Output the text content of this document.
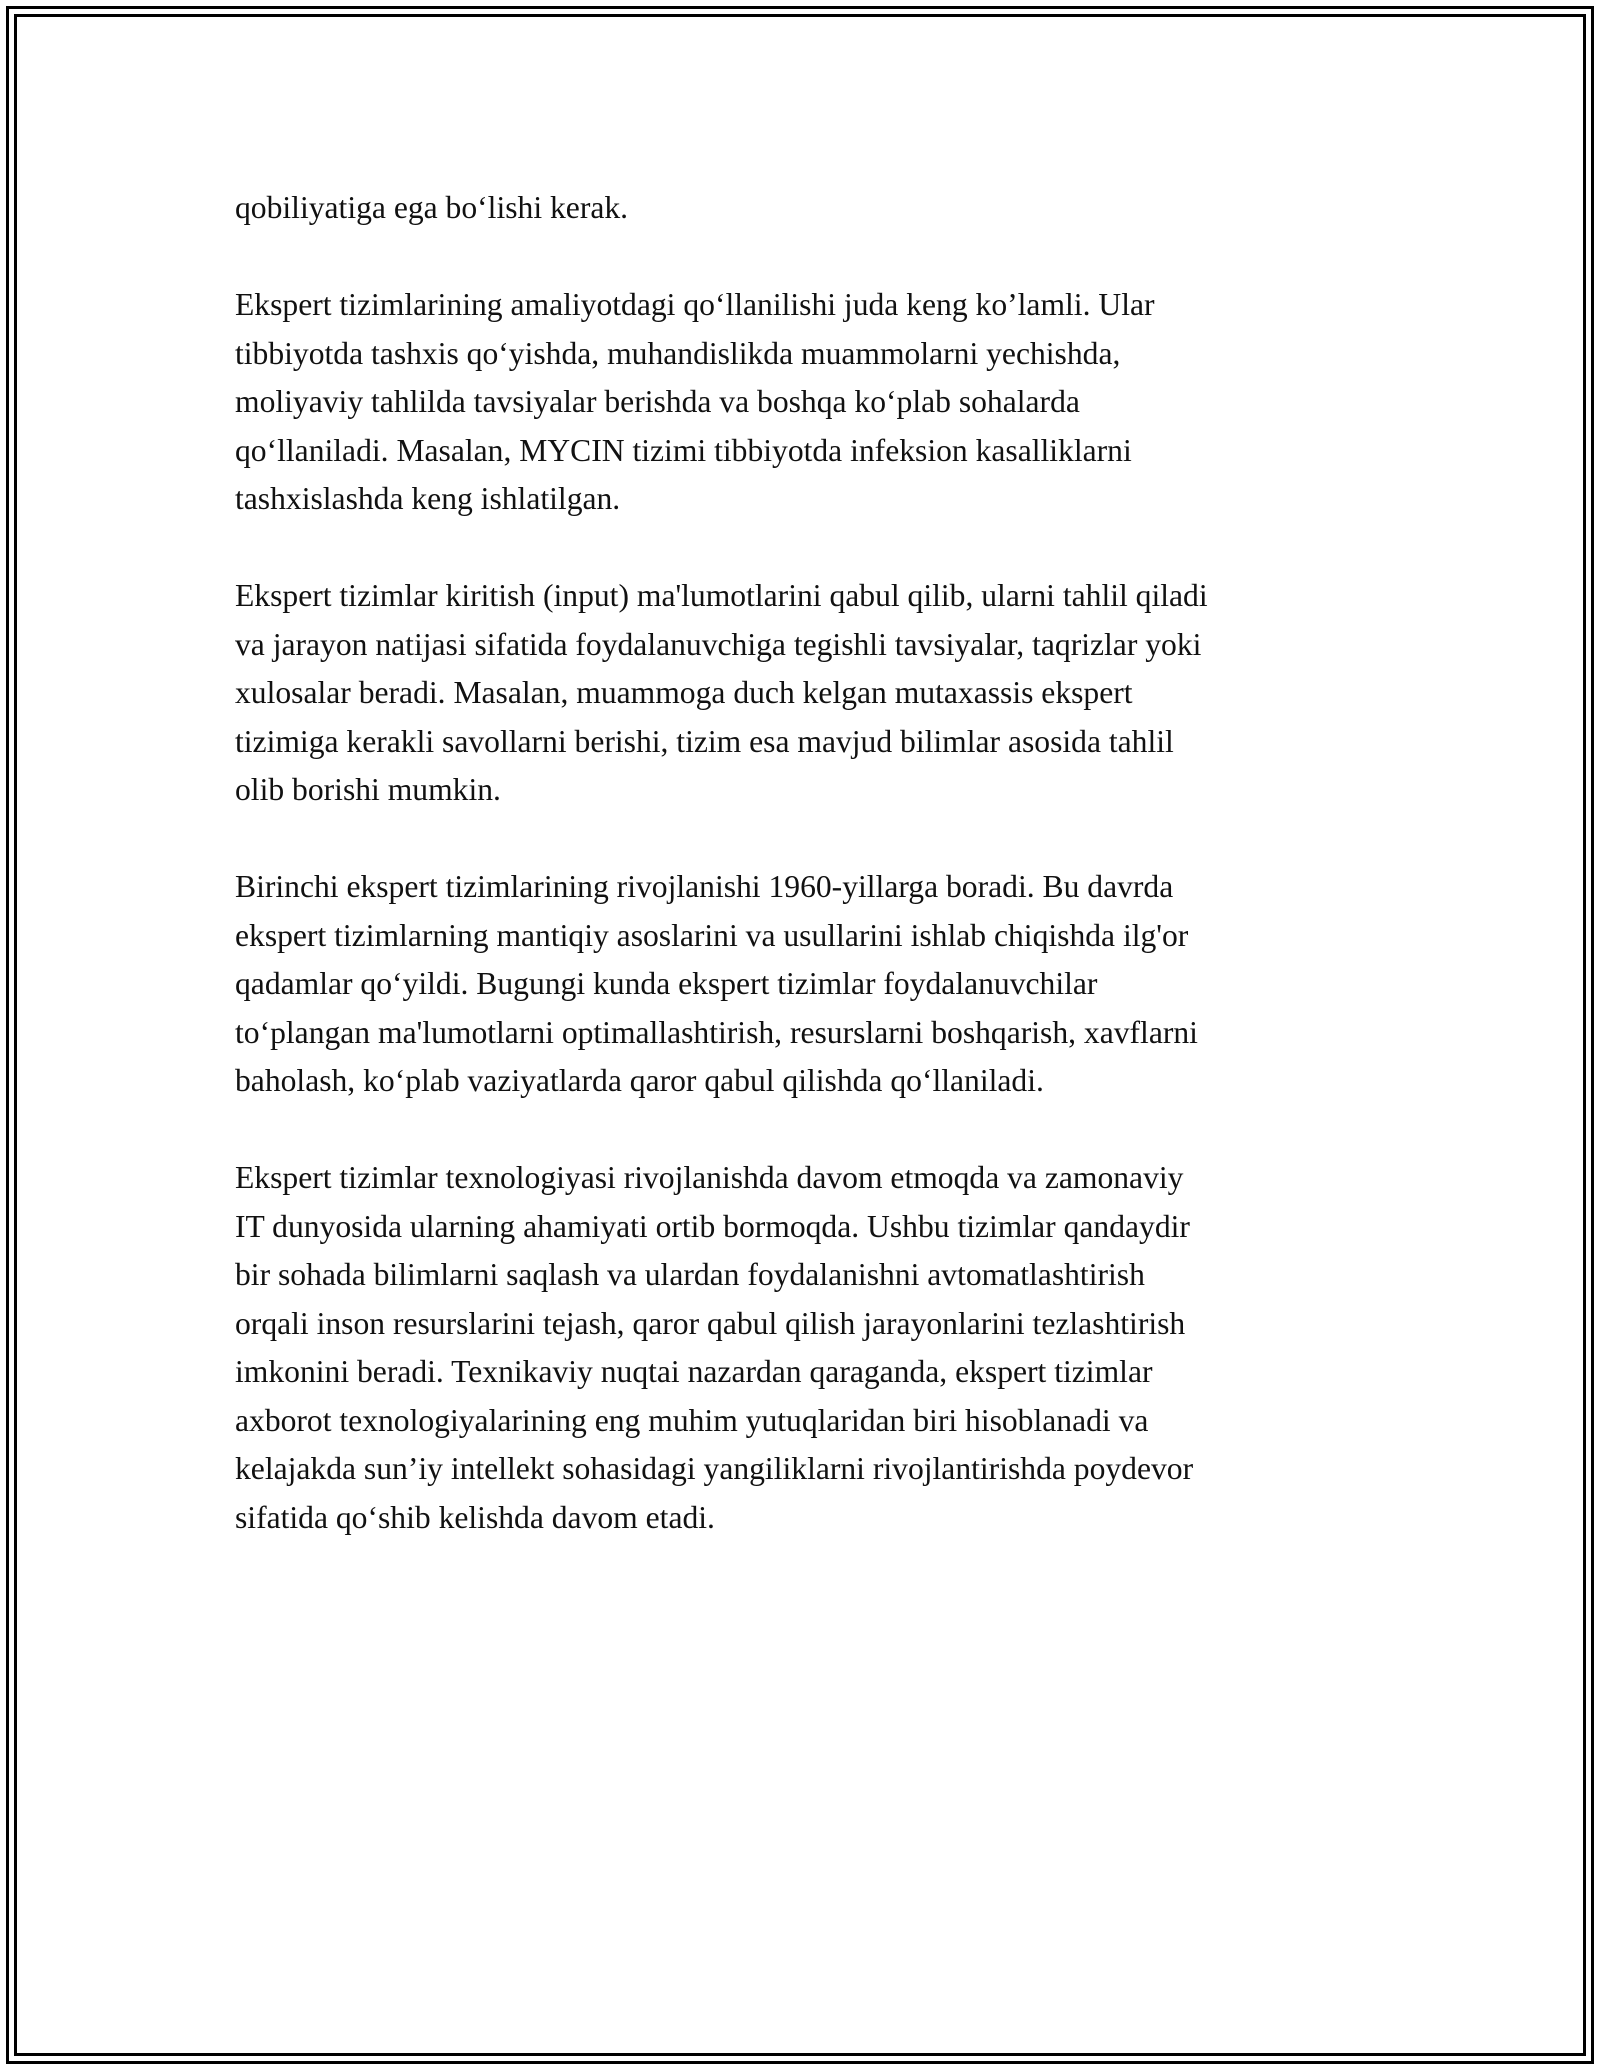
qobiliyatiga ega bo‘lishi kerak.

Ekspert tizimlarining amaliyotdagi qo‘llanilishi juda keng ko’lamli. Ular
tibbiyotda tashxis qo‘yishda, muhandislikda muammolarni yechishda,
moliyaviy tahlilda tavsiyalar berishda va boshqa ko‘plab sohalarda
qo‘llaniladi. Masalan, MYCIN tizimi tibbiyotda infeksion kasalliklarni
tashxislashda keng ishlatilgan.

Ekspert tizimlar kiritish (input) ma'lumotlarini qabul qilib, ularni tahlil qiladi
va jarayon natijasi sifatida foydalanuvchiga tegishli tavsiyalar, taqrizlar yoki
xulosalar beradi. Masalan, muammoga duch kelgan mutaxassis ekspert
tizimiga kerakli savollarni berishi, tizim esa mavjud bilimlar asosida tahlil
olib borishi mumkin.

Birinchi ekspert tizimlarining rivojlanishi 1960-yillarga boradi. Bu davrda
ekspert tizimlarning mantiqiy asoslarini va usullarini ishlab chiqishda ilg'or
qadamlar qo‘yildi. Bugungi kunda ekspert tizimlar foydalanuvchilar
to‘plangan ma'lumotlarni optimallashtirish, resurslarni boshqarish, xavflarni
baholash, ko‘plab vaziyatlarda qaror qabul qilishda qo‘llaniladi.

Ekspert tizimlar texnologiyasi rivojlanishda davom etmoqda va zamonaviy
IT dunyosida ularning ahamiyati ortib bormoqda. Ushbu tizimlar qandaydir
bir sohada bilimlarni saqlash va ulardan foydalanishni avtomatlashtirish
orqali inson resurslarini tejash, qaror qabul qilish jarayonlarini tezlashtirish
imkonini beradi. Texnikaviy nuqtai nazardan qaraganda, ekspert tizimlar
axborot texnologiyalarining eng muhim yutuqlaridan biri hisoblanadi va
kelajakda sun’iy intellekt sohasidagi yangiliklarni rivojlantirishda poydevor
sifatida qo‘shib kelishda davom etadi.
